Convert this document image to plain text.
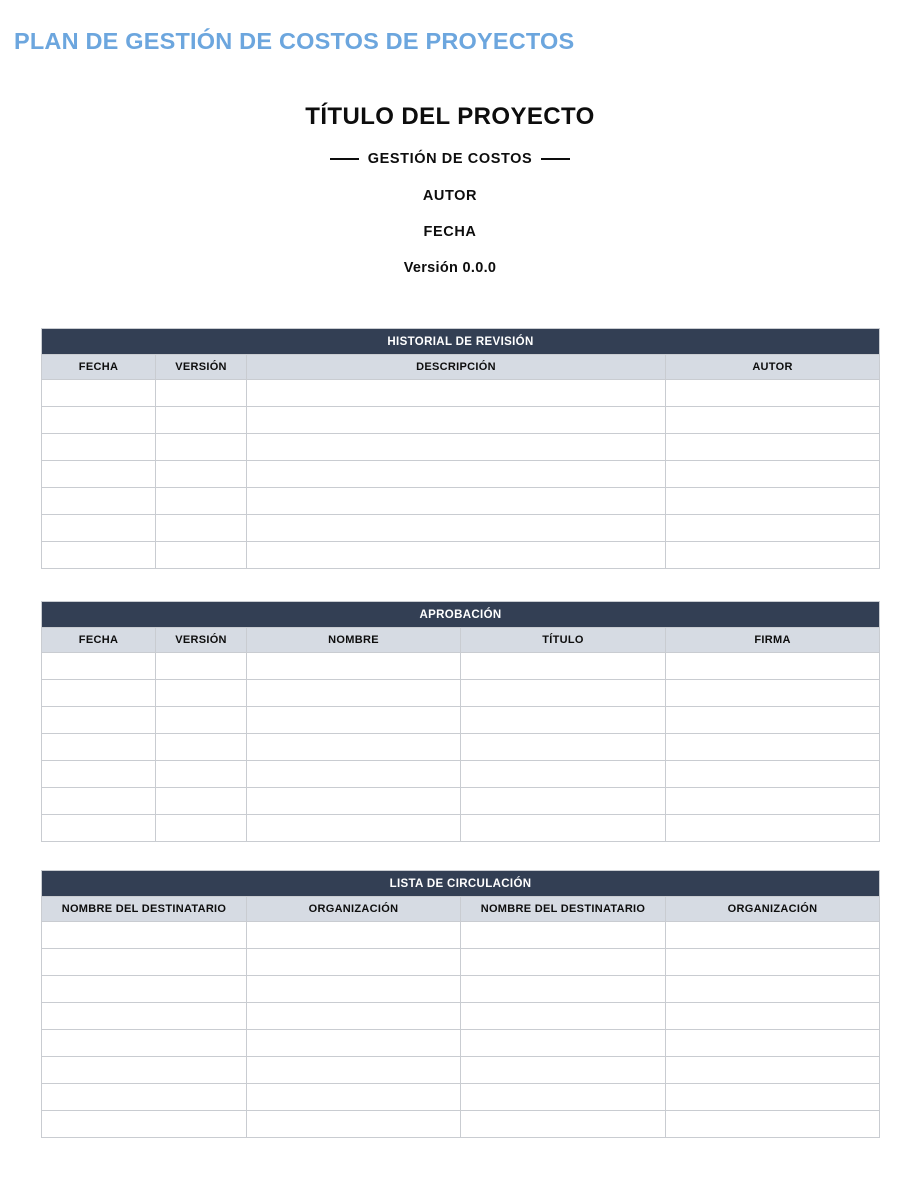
PLAN DE GESTIÓN DE COSTOS DE PROYECTOS
TÍTULO DEL PROYECTO
GESTIÓN DE COSTOS
AUTOR
FECHA
Versión 0.0.0
HISTORIAL DE REVISIÓN			
FECHA	VERSIÓN	DESCRIPCIÓN	AUTOR

APROBACIÓN				
FECHA	VERSIÓN	NOMBRE	TÍTULO	FIRMA

LISTA DE CIRCULACIÓN			
NOMBRE DEL DESTINATARIO	ORGANIZACIÓN	NOMBRE DEL DESTINATARIO	ORGANIZACIÓN
